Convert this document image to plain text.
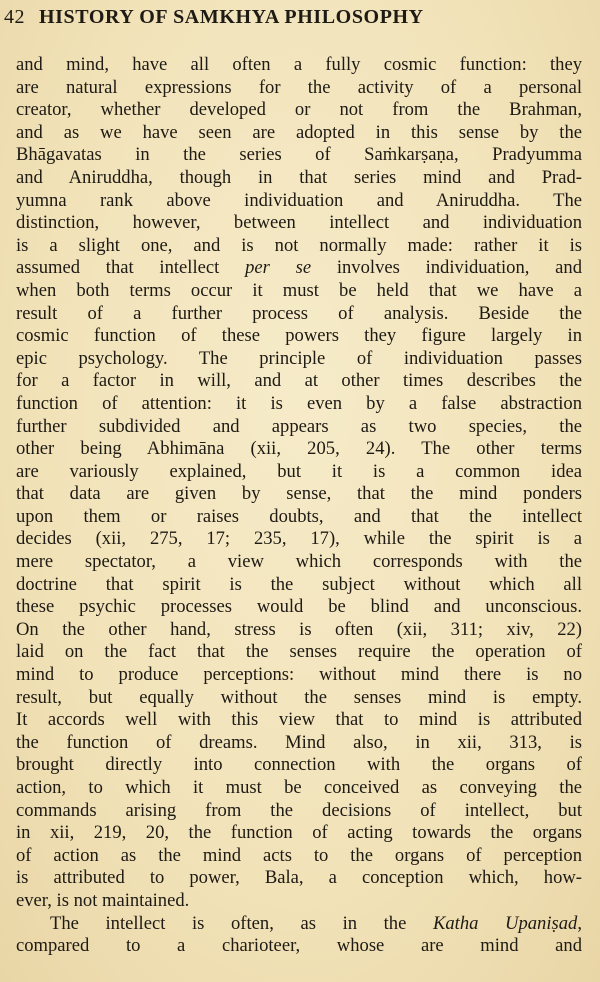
42 HISTORY OF SAMKHYA PHILOSOPHY
and mind, have all often a fully cosmic function: they
are natural expressions for the activity of a personal
creator, whether developed or not from the Brahman,
and as we have seen are adopted in this sense by the
Bhāgavatas in the series of Saṁkarṣaṇa, Pradyumma
and Aniruddha, though in that series mind and Prad-
yumna rank above individuation and Aniruddha. The
distinction, however, between intellect and individuation
is a slight one, and is not normally made: rather it is
assumed that intellect per se involves individuation, and
when both terms occur it must be held that we have a
result of a further process of analysis. Beside the
cosmic function of these powers they figure largely in
epic psychology. The principle of individuation passes
for a factor in will, and at other times describes the
function of attention: it is even by a false abstraction
further subdivided and appears as two species, the
other being Abhimāna (xii, 205, 24). The other terms
are variously explained, but it is a common idea
that data are given by sense, that the mind ponders
upon them or raises doubts, and that the intellect
decides (xii, 275, 17; 235, 17), while the spirit is a
mere spectator, a view which corresponds with the
doctrine that spirit is the subject without which all
these psychic processes would be blind and unconscious.
On the other hand, stress is often (xii, 311; xiv, 22)
laid on the fact that the senses require the operation of
mind to produce perceptions: without mind there is no
result, but equally without the senses mind is empty.
It accords well with this view that to mind is attributed
the function of dreams. Mind also, in xii, 313, is
brought directly into connection with the organs of
action, to which it must be conceived as conveying the
commands arising from the decisions of intellect, but
in xii, 219, 20, the function of acting towards the organs
of action as the mind acts to the organs of perception
is attributed to power, Bala, a conception which, how-
ever, is not maintained.
The intellect is often, as in the Katha Upaniṣad,
compared to a charioteer, whose are mind and
